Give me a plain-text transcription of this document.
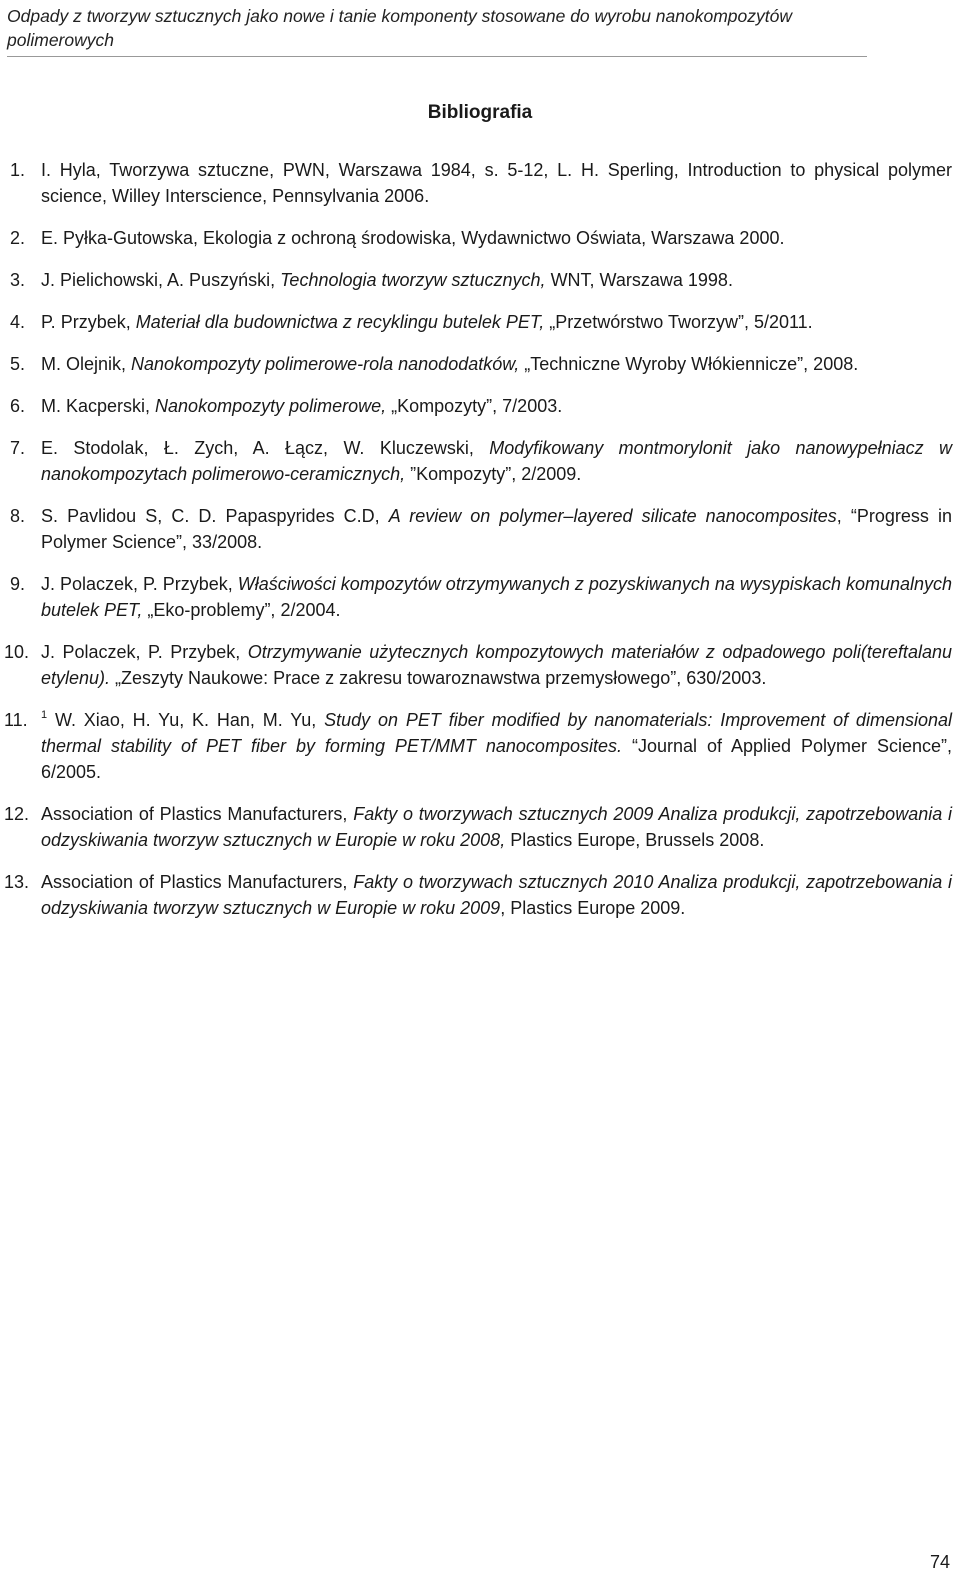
Odpady z tworzyw sztucznych jako nowe i tanie komponenty stosowane do wyrobu nanokompozytów polimerowych
Bibliografia
1. I. Hyla, Tworzywa sztuczne, PWN, Warszawa 1984, s. 5-12, L. H. Sperling, Introduction to physical polymer science, Willey Interscience, Pennsylvania 2006.
2. E. Pyłka-Gutowska, Ekologia z ochroną środowiska, Wydawnictwo Oświata, Warszawa 2000.
3. J. Pielichowski, A. Puszyński, Technologia tworzyw sztucznych, WNT, Warszawa 1998.
4. P. Przybek, Materiał dla budownictwa z recyklingu butelek PET, „Przetwórstwo Tworzyw”, 5/2011.
5. M. Olejnik, Nanokompozyty polimerowe-rola nanododatków, „Techniczne Wyroby Włókiennicze”, 2008.
6. M. Kacperski, Nanokompozyty polimerowe, „Kompozyty”, 7/2003.
7. E. Stodolak, Ł. Zych, A. Łącz, W. Kluczewski, Modyfikowany montmorylonit jako nanowypełniacz w nanokompozytach polimerowo-ceramicznych, ”Kompozyty”, 2/2009.
8. S. Pavlidou S, C. D. Papaspyrides C.D, A review on polymer–layered silicate nanocomposites, “Progress in Polymer Science”, 33/2008.
9. J. Polaczek, P. Przybek, Właściwości kompozytów otrzymywanych z pozyskiwanych na wysypiskach komunalnych butelek PET, „Eko-problemy”, 2/2004.
10. J. Polaczek, P. Przybek, Otrzymywanie użytecznych kompozytowych materiałów z odpadowego poli(tereftalanu etylenu). „Zeszyty Naukowe: Prace z zakresu towaroznawstwa przemysłowego”, 630/2003.
11. $^1$ W. Xiao, H. Yu, K. Han, M. Yu, Study on PET fiber modified by nanomaterials: Improvement of dimensional thermal stability of PET fiber by forming PET/MMT nanocomposites. “Journal of Applied Polymer Science”, 6/2005.
12. Association of Plastics Manufacturers, Fakty o tworzywach sztucznych 2009 Analiza produkcji, zapotrzebowania i odzyskiwania tworzyw sztucznych w Europie w roku 2008, Plastics Europe, Brussels 2008.
13. Association of Plastics Manufacturers, Fakty o tworzywach sztucznych 2010 Analiza produkcji, zapotrzebowania i odzyskiwania tworzyw sztucznych w Europie w roku 2009, Plastics Europe 2009.
74
